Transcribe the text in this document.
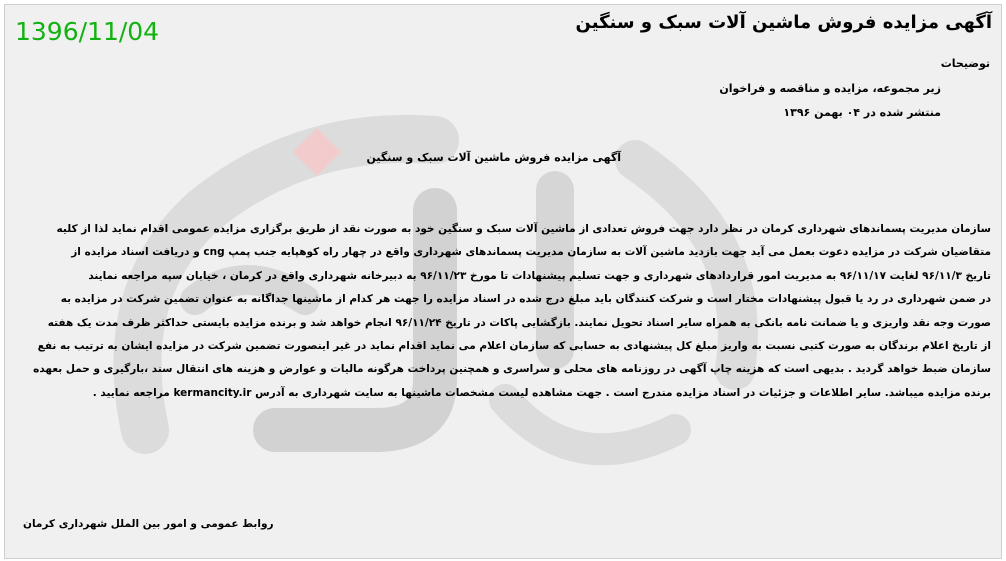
1396/11/04	آگهی مزایده فروش ماشین آلات سبک و سنگین
توضیحات
زیر مجموعه، مزایده و مناقصه و فراخوان
منتشر شده در ۰۴ بهمن ۱۳۹۶
آگهی مزایده فروش ماشین آلات سبک و سنگین
سازمان مدیریت پسماندهای شهرداری کرمان در نظر دارد جهت فروش تعدادی از ماشین آلات سبک و سنگین خود به صورت نقد از طریق برگزاری مزایده عمومی اقدام نماید لذا از کلیه
متقاضیان شرکت در مزایده دعوت بعمل می آید جهت بازدید ماشین آلات به سازمان مدیریت پسماندهای شهرداری واقع در چهار راه کوهپایه جنب پمپ cng و دریافت اسناد مزایده از
تاریخ ۹۶/۱۱/۳ لغایت ۹۶/۱۱/۱۷ به مدیریت امور قراردادهای شهرداری و جهت تسلیم پیشنهادات تا مورخ ۹۶/۱۱/۲۳ به دبیرخانه شهرداری واقع در کرمان ، خیابان سپه مراجعه نمایند
در ضمن شهرداری در رد یا قبول پیشنهادات مختار است و شرکت کنندگان باید مبلغ درج شده در اسناد مزایده را جهت هر کدام از ماشینها جداگانه به عنوان تضمین شرکت در مزایده به
صورت وجه نقد واریزی و یا ضمانت نامه بانکی به همراه سایر اسناد تحویل نمایند. بازگشایی پاکات در تاریخ ۹۶/۱۱/۲۴ انجام خواهد شد و برنده مزایده بایستی حداکثر ظرف مدت یک هفته
از تاریخ اعلام برندگان به صورت کتبی نسبت به واریز مبلغ کل پیشنهادی به حسابی که سازمان اعلام می نماید اقدام نماید در غیر اینصورت تضمین شرکت در مزایده ایشان به ترتیب به نفع
سازمان ضبط خواهد گردید . بدیهی است که هزینه چاپ آگهی در روزنامه های محلی و سراسری و همچنین پرداخت هرگونه مالیات و عوارض و هزینه های انتقال سند ،بارگیری و حمل بعهده
برنده مزایده میباشد. سایر اطلاعات و جزئیات در اسناد مزایده مندرج است . جهت مشاهده لیست مشخصات ماشینها به سایت شهرداری به آدرس kermancity.ir مراجعه نمایید .
روابط عمومی و امور بین الملل شهرداری کرمان
